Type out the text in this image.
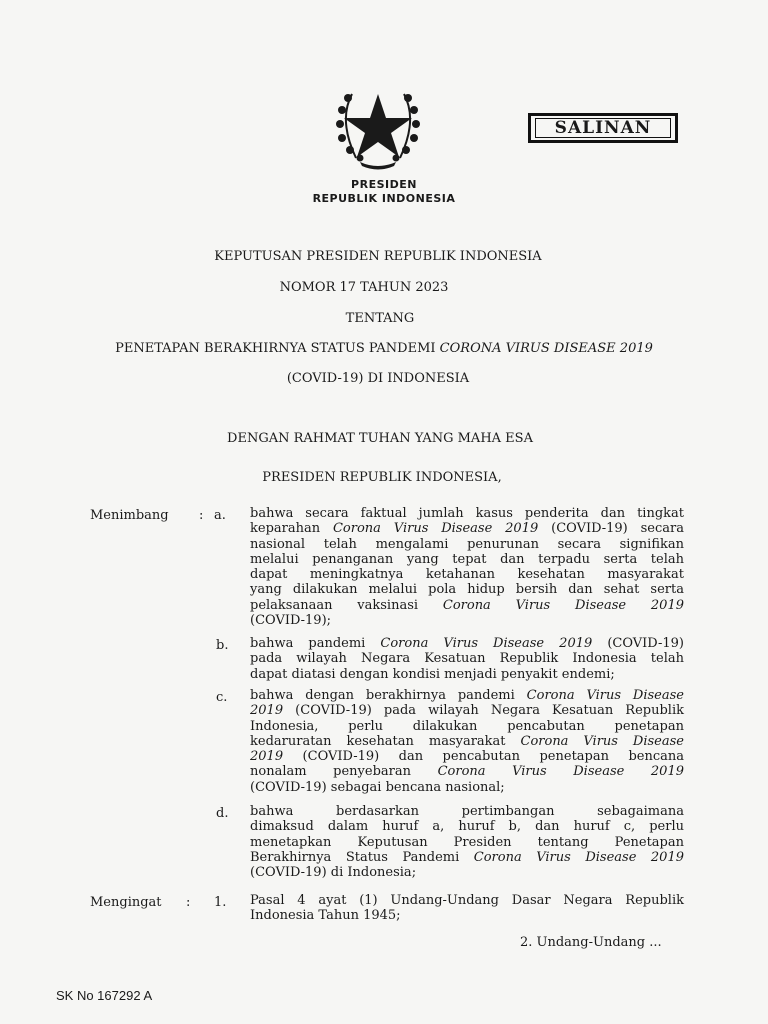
SALINAN
PRESIDEN
REPUBLIK INDONESIA
KEPUTUSAN PRESIDEN REPUBLIK INDONESIA
NOMOR 17 TAHUN 2023
TENTANG
PENETAPAN BERAKHIRNYA STATUS PANDEMI CORONA VIRUS DISEASE 2019
(COVID-19) DI INDONESIA
DENGAN RAHMAT TUHAN YANG MAHA ESA
PRESIDEN REPUBLIK INDONESIA,
Menimbang : a. bahwa secara faktual jumlah kasus penderita dan tingkat
keparahan Corona Virus Disease 2019 (COVID-19) secara
nasional telah mengalami penurunan secara signifikan
melalui penanganan yang tepat dan terpadu serta telah
dapat meningkatnya ketahanan kesehatan masyarakat
yang dilakukan melalui pola hidup bersih dan sehat serta
pelaksanaan vaksinasi Corona Virus Disease 2019
(COVID-19);
b. bahwa pandemi Corona Virus Disease 2019 (COVID-19)
pada wilayah Negara Kesatuan Republik Indonesia telah
dapat diatasi dengan kondisi menjadi penyakit endemi;
c. bahwa dengan berakhirnya pandemi Corona Virus Disease
2019 (COVID-19) pada wilayah Negara Kesatuan Republik
Indonesia, perlu dilakukan pencabutan penetapan
kedaruratan kesehatan masyarakat Corona Virus Disease
2019 (COVID-19) dan pencabutan penetapan bencana
nonalam penyebaran Corona Virus Disease 2019
(COVID-19) sebagai bencana nasional;
d. bahwa berdasarkan pertimbangan sebagaimana
dimaksud dalam huruf a, huruf b, dan huruf c, perlu
menetapkan Keputusan Presiden tentang Penetapan
Berakhirnya Status Pandemi Corona Virus Disease 2019
(COVID-19) di Indonesia;
Mengingat : 1. Pasal 4 ayat (1) Undang-Undang Dasar Negara Republik
Indonesia Tahun 1945;
2. Undang-Undang ...
SK No 167292 A
